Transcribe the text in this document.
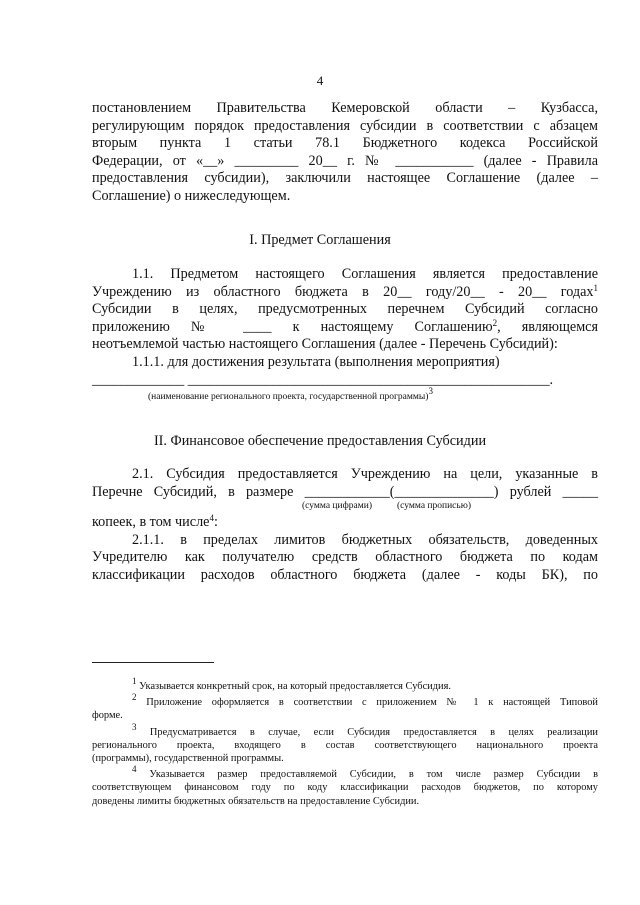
4
постановлением Правительства Кемеровской области – Кузбасса,
регулирующим порядок предоставления субсидии в соответствии с абзацем
вторым пункта 1 статьи 78.1 Бюджетного кодекса Российской
Федерации, от «__» _________ 20__ г. № ___________ (далее - Правила
предоставления субсидии), заключили настоящее Соглашение (далее –
Соглашение) о нижеследующем.
I. Предмет Соглашения
1.1. Предметом настоящего Соглашения является предоставление
Учреждению из областного бюджета в 20__ году/20__ - 20__ годах$^1$
Субсидии в целях, предусмотренных перечнем Субсидий согласно
приложению № ____ к настоящему Соглашению$^2$, являющемся
неотъемлемой частью настоящего Соглашения (далее - Перечень Субсидий):
1.1.1. для достижения результата (выполнения мероприятия)
_____________ ___________________________________________________.
(наименование регионального проекта, государственной программы)$^3$
II. Финансовое обеспечение предоставления Субсидии
2.1. Субсидия предоставляется Учреждению на цели, указанные в
Перечне Субсидий, в размере ____________(______________) рублей _____
(сумма цифрами)	(сумма прописью)
копеек, в том числе$^4$:
2.1.1. в пределах лимитов бюджетных обязательств, доведенных
Учредителю как получателю средств областного бюджета по кодам
классификации расходов областного бюджета (далее - коды БК), по
$^1$ Указывается конкретный срок, на который предоставляется Субсидия.
$^2$ Приложение оформляется в соответствии с приложением № 1 к настоящей Типовой
форме.
$^3$ Предусматривается в случае, если Субсидия предоставляется в целях реализации
регионального проекта, входящего в состав соответствующего национального проекта
(программы), государственной программы.
$^4$ Указывается размер предоставляемой Субсидии, в том числе размер Субсидии в
соответствующем финансовом году по коду классификации расходов бюджетов, по которому
доведены лимиты бюджетных обязательств на предоставление Субсидии.
